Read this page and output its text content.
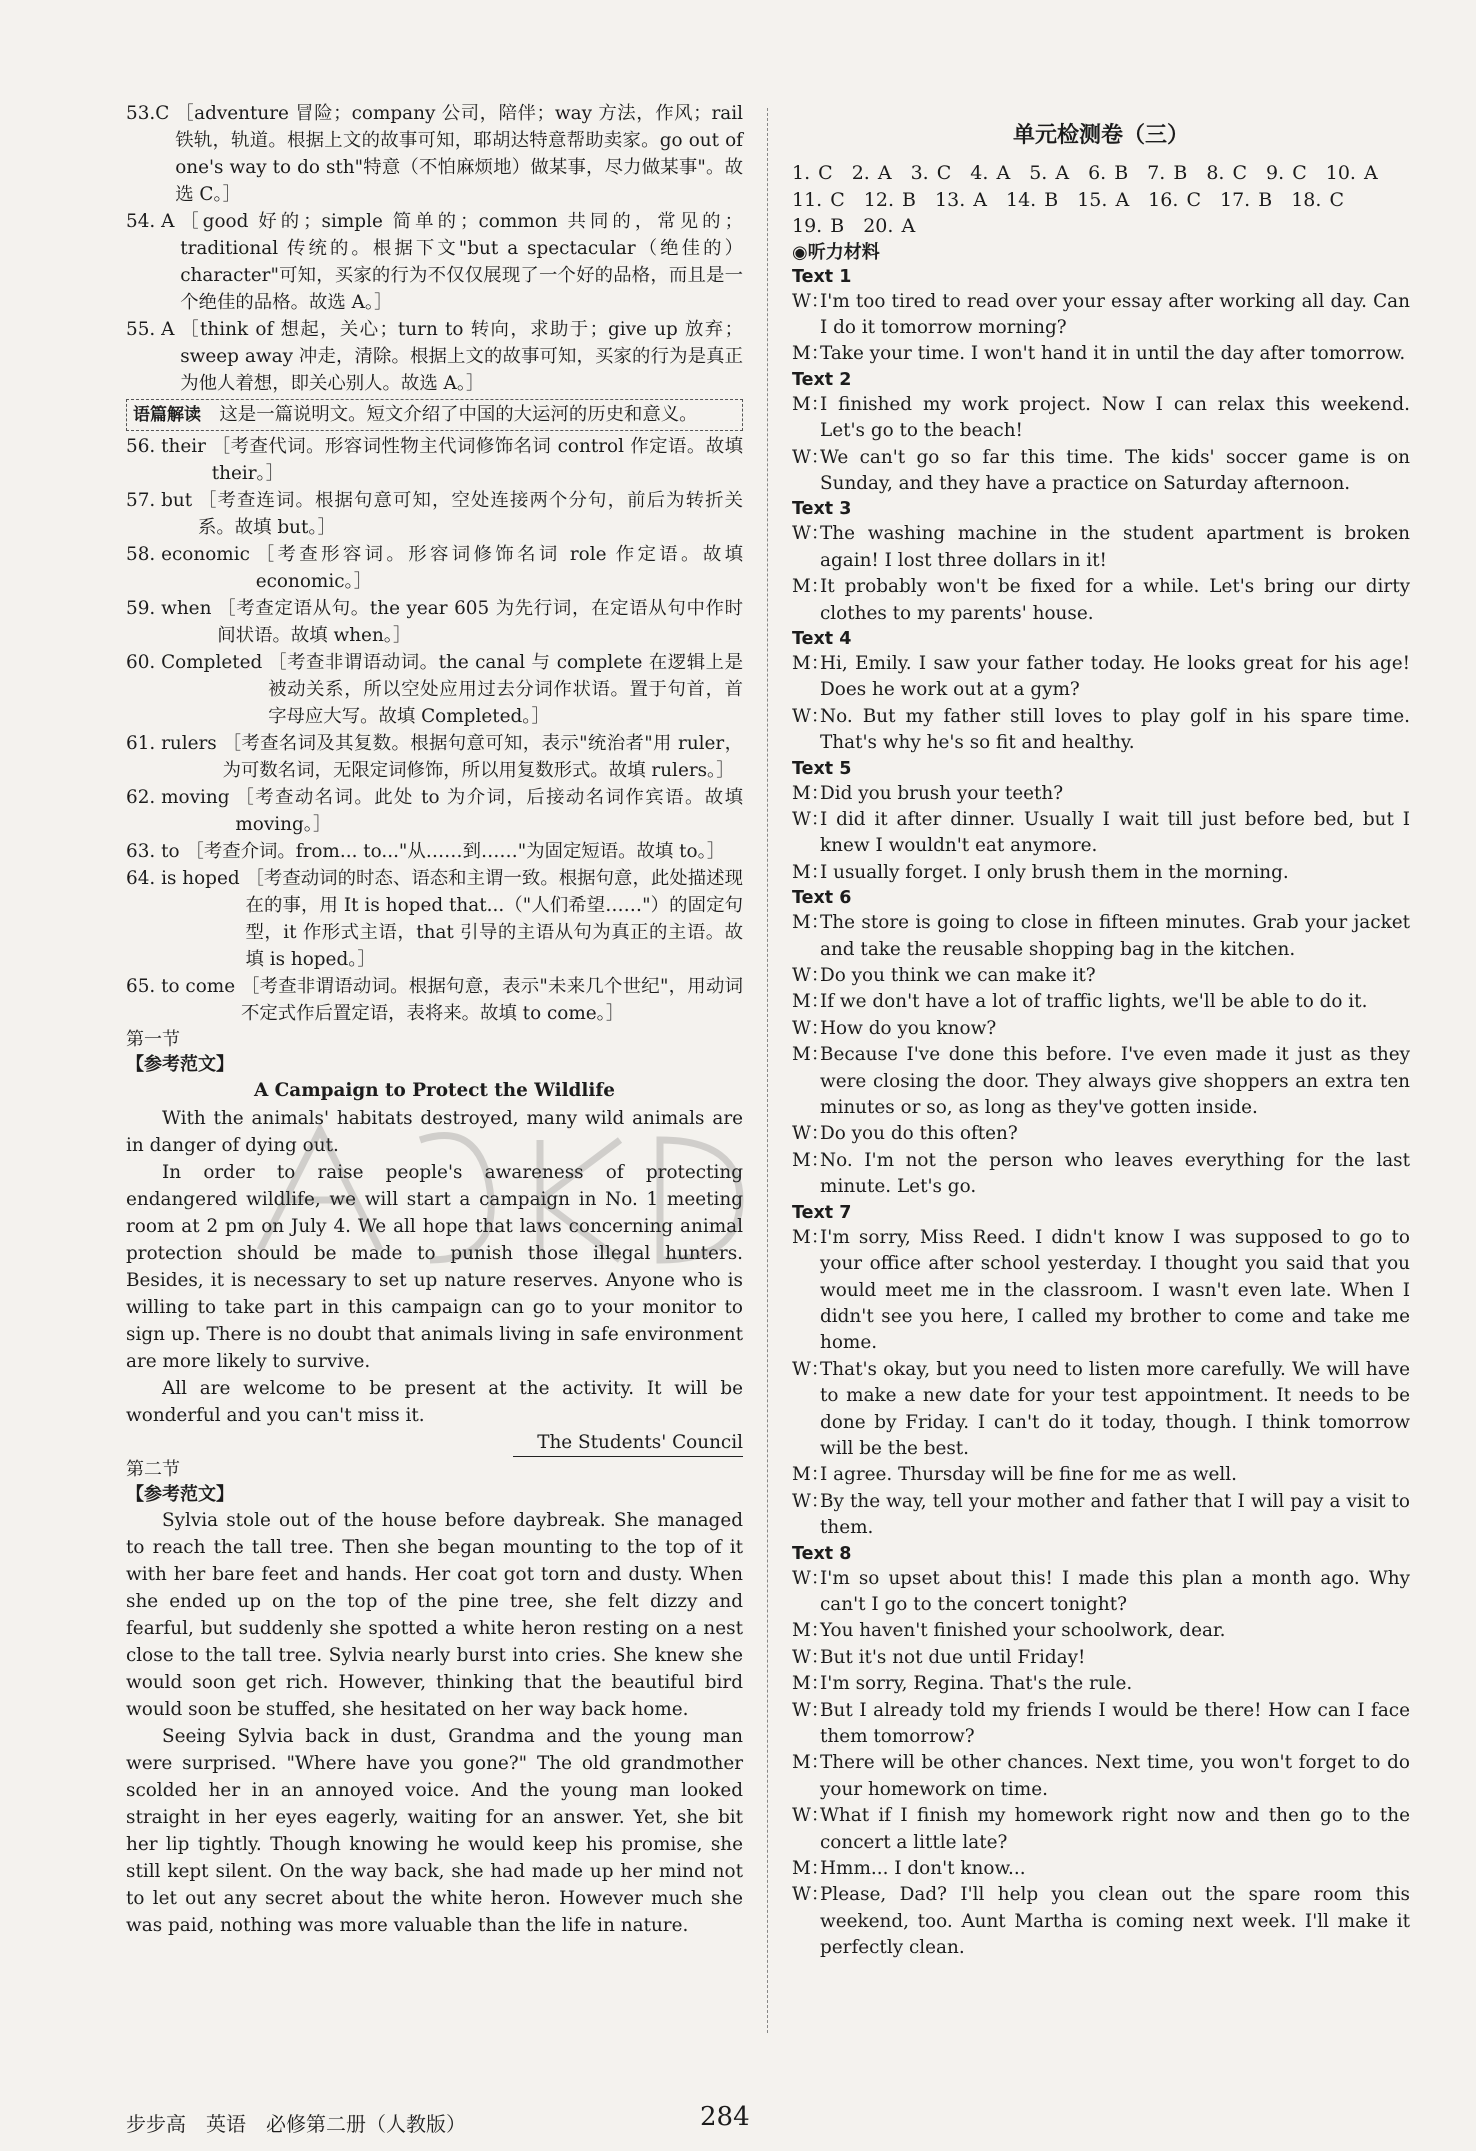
53.C
［adventure 冒险；company 公司，陪伴；way 方法，作风；rail 铁轨，轨道。根据上文的故事可知，耶胡达特意帮助卖家。go out of one's way to do sth"特意（不怕麻烦地）做某事，尽力做某事"。故选 C。］
54. A
［good 好的；simple 简单的；common 共同的，常见的；traditional 传统的。根据下文"but a spectacular（绝佳的）character"可知，买家的行为不仅仅展现了一个好的品格，而且是一个绝佳的品格。故选 A。］
55. A
［think of 想起，关心；turn to 转向，求助于；give up 放弃；sweep away 冲走，清除。根据上文的故事可知，买家的行为是真正为他人着想，即关心别人。故选 A。］
语篇解读　 这是一篇说明文。短文介绍了中国的大运河的历史和意义。
56. their
［考查代词。形容词性物主代词修饰名词 control 作定语。故填 their。］
57. but
［考查连词。根据句意可知，空处连接两个分句，前后为转折关系。故填 but。］
58. economic
［考查形容词。形容词修饰名词 role 作定语。故填 economic。］
59. when
［考查定语从句。the year 605 为先行词，在定语从句中作时间状语。故填 when。］
60. Completed
［考查非谓语动词。the canal 与 complete 在逻辑上是被动关系，所以空处应用过去分词作状语。置于句首，首字母应大写。故填 Completed。］
61. rulers
［考查名词及其复数。根据句意可知，表示"统治者"用 ruler，为可数名词，无限定词修饰，所以用复数形式。故填 rulers。］
62. moving
［考查动名词。此处 to 为介词，后接动名词作宾语。故填 moving。］
63. to
［考查介词。from... to..."从……到……"为固定短语。故填 to。］
64. is hoped
［考查动词的时态、语态和主谓一致。根据句意，此处描述现在的事，用 It is hoped that...（"人们希望……"）的固定句型，it 作形式主语，that 引导的主语从句为真正的主语。故填 is hoped。］
65. to come
［考查非谓语动词。根据句意，表示"未来几个世纪"，用动词不定式作后置定语，表将来。故填 to come。］
第一节
【参考范文】
A Campaign to Protect the Wildlife

With the animals' habitats destroyed, many wild animals are in danger of dying out.

In order to raise people's awareness of protecting endangered wildlife, we will start a campaign in No. 1 meeting room at 2 pm on July 4. We all hope that laws concerning animal protection should be made to punish those illegal hunters. Besides, it is necessary to set up nature reserves. Anyone who is willing to take part in this campaign can go to your monitor to sign up. There is no doubt that animals living in safe environment are more likely to survive.

All are welcome to be present at the activity. It will be wonderful and you can't miss it.

The Students' Council
第二节
【参考范文】

Sylvia stole out of the house before daybreak. She managed to reach the tall tree. Then she began mounting to the top of it with her bare feet and hands. Her coat got torn and dusty. When she ended up on the top of the pine tree, she felt dizzy and fearful, but suddenly she spotted a white heron resting on a nest close to the tall tree. Sylvia nearly burst into cries. She knew she would soon get rich. However, thinking that the beautiful bird would soon be stuffed, she hesitated on her way back home.

Seeing Sylvia back in dust, Grandma and the young man were surprised. "Where have you gone?" The old grandmother scolded her in an annoyed voice. And the young man looked straight in her eyes eagerly, waiting for an answer. Yet, she bit her lip tightly. Though knowing he would keep his promise, she still kept silent. On the way back, she had made up her mind not to let out any secret about the white heron. However much she was paid, nothing was more valuable than the life in nature.

单元检测卷（三）
1. C　2. A　3. C　4. A　5. A　6. B　7. B　8. C　9. C　10. A
11. C　12. B　13. A　14. B　15. A　16. C　17. B　18. C
19. B　20. A
◉听力材料
Text 1
W：
I'm too tired to read over your essay after working all day. Can I do it tomorrow morning?
M：
Take your time. I won't hand it in until the day after tomorrow.
Text 2
M：
I finished my work project. Now I can relax this weekend. Let's go to the beach!
W：
We can't go so far this time. The kids' soccer game is on Sunday, and they have a practice on Saturday afternoon.
Text 3
W：
The washing machine in the student apartment is broken again! I lost three dollars in it!
M：
It probably won't be fixed for a while. Let's bring our dirty clothes to my parents' house.
Text 4
M：
Hi, Emily. I saw your father today. He looks great for his age! Does he work out at a gym?
W：
No. But my father still loves to play golf in his spare time. That's why he's so fit and healthy.
Text 5
M：
Did you brush your teeth?
W：
I did it after dinner. Usually I wait till just before bed, but I knew I wouldn't eat anymore.
M：
I usually forget. I only brush them in the morning.
Text 6
M：
The store is going to close in fifteen minutes. Grab your jacket and take the reusable shopping bag in the kitchen.
W：
Do you think we can make it?
M：
If we don't have a lot of traffic lights, we'll be able to do it.
W：
How do you know?
M：
Because I've done this before. I've even made it just as they were closing the door. They always give shoppers an extra ten minutes or so, as long as they've gotten inside.
W：
Do you do this often?
M：
No. I'm not the person who leaves everything for the last minute. Let's go.
Text 7
M：
I'm sorry, Miss Reed. I didn't know I was supposed to go to your office after school yesterday. I thought you said that you would meet me in the classroom. I wasn't even late. When I didn't see you here, I called my brother to come and take me home.
W：
That's okay, but you need to listen more carefully. We will have to make a new date for your test appointment. It needs to be done by Friday. I can't do it today, though. I think tomorrow will be the best.
M：
I agree. Thursday will be fine for me as well.
W：
By the way, tell your mother and father that I will pay a visit to them.
Text 8
W：
I'm so upset about this! I made this plan a month ago. Why can't I go to the concert tonight?
M：
You haven't finished your schoolwork, dear.
W：
But it's not due until Friday!
M：
I'm sorry, Regina. That's the rule.
W：
But I already told my friends I would be there! How can I face them tomorrow?
M：
There will be other chances. Next time, you won't forget to do your homework on time.
W：
What if I finish my homework right now and then go to the concert a little late?
M：
Hmm... I don't know...
W：
Please, Dad? I'll help you clean out the spare room this weekend, too. Aunt Martha is coming next week. I'll make it perfectly clean.
步步高　英语　必修第二册（人教版）	284
